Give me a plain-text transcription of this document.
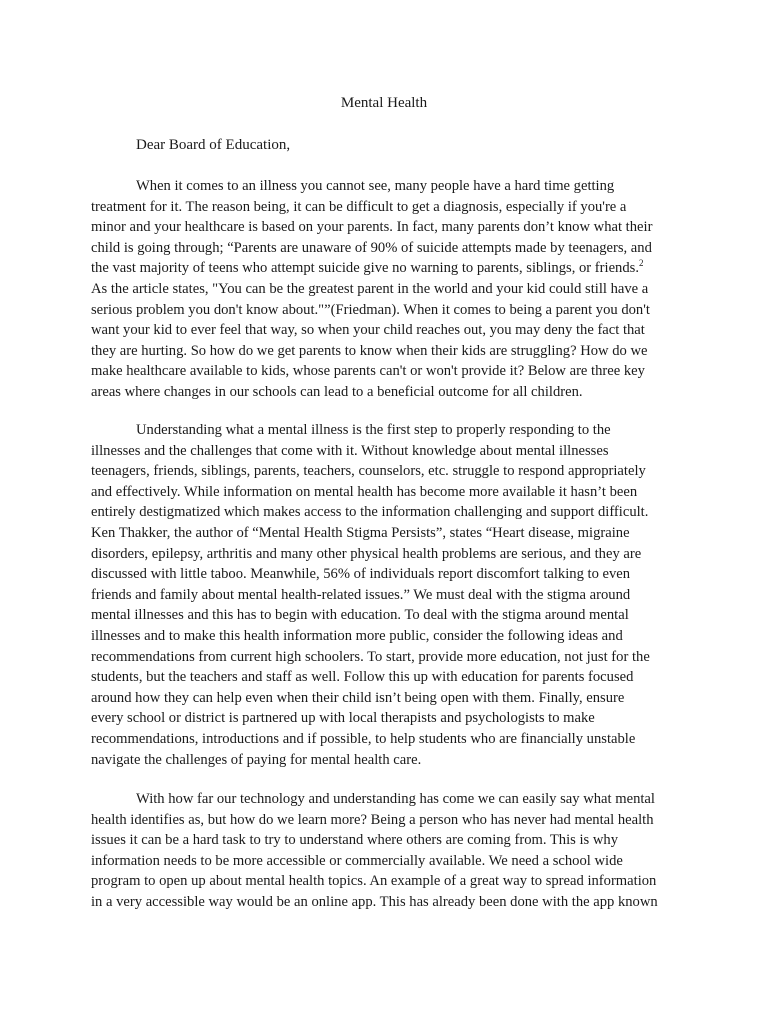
Mental Health
Dear Board of Education,
When it comes to an illness you cannot see, many people have a hard time getting
treatment for it. The reason being, it can be difficult to get a diagnosis, especially if you're a
minor and your healthcare is based on your parents. In fact, many parents don’t know what their
child is going through; “Parents are unaware of 90% of suicide attempts made by teenagers, and
the vast majority of teens who attempt suicide give no warning to parents, siblings, or friends.$^2$
As the article states, "You can be the greatest parent in the world and your kid could still have a
serious problem you don't know about."”(Friedman). When it comes to being a parent you don't
want your kid to ever feel that way, so when your child reaches out, you may deny the fact that
they are hurting. So how do we get parents to know when their kids are struggling? How do we
make healthcare available to kids, whose parents can't or won't provide it? Below are three key
areas where changes in our schools can lead to a beneficial outcome for all children.
Understanding what a mental illness is the first step to properly responding to the
illnesses and the challenges that come with it. Without knowledge about mental illnesses
teenagers, friends, siblings, parents, teachers, counselors, etc. struggle to respond appropriately
and effectively. While information on mental health has become more available it hasn’t been
entirely destigmatized which makes access to the information challenging and support difficult.
Ken Thakker, the author of “Mental Health Stigma Persists”, states “Heart disease, migraine
disorders, epilepsy, arthritis and many other physical health problems are serious, and they are
discussed with little taboo. Meanwhile, 56% of individuals report discomfort talking to even
friends and family about mental health-related issues.” We must deal with the stigma around
mental illnesses and this has to begin with education. To deal with the stigma around mental
illnesses and to make this health information more public, consider the following ideas and
recommendations from current high schoolers. To start, provide more education, not just for the
students, but the teachers and staff as well. Follow this up with education for parents focused
around how they can help even when their child isn’t being open with them. Finally, ensure
every school or district is partnered up with local therapists and psychologists to make
recommendations, introductions and if possible, to help students who are financially unstable
navigate the challenges of paying for mental health care.
With how far our technology and understanding has come we can easily say what mental
health identifies as, but how do we learn more? Being a person who has never had mental health
issues it can be a hard task to try to understand where others are coming from. This is why
information needs to be more accessible or commercially available. We need a school wide
program to open up about mental health topics. An example of a great way to spread information
in a very accessible way would be an online app. This has already been done with the app known
